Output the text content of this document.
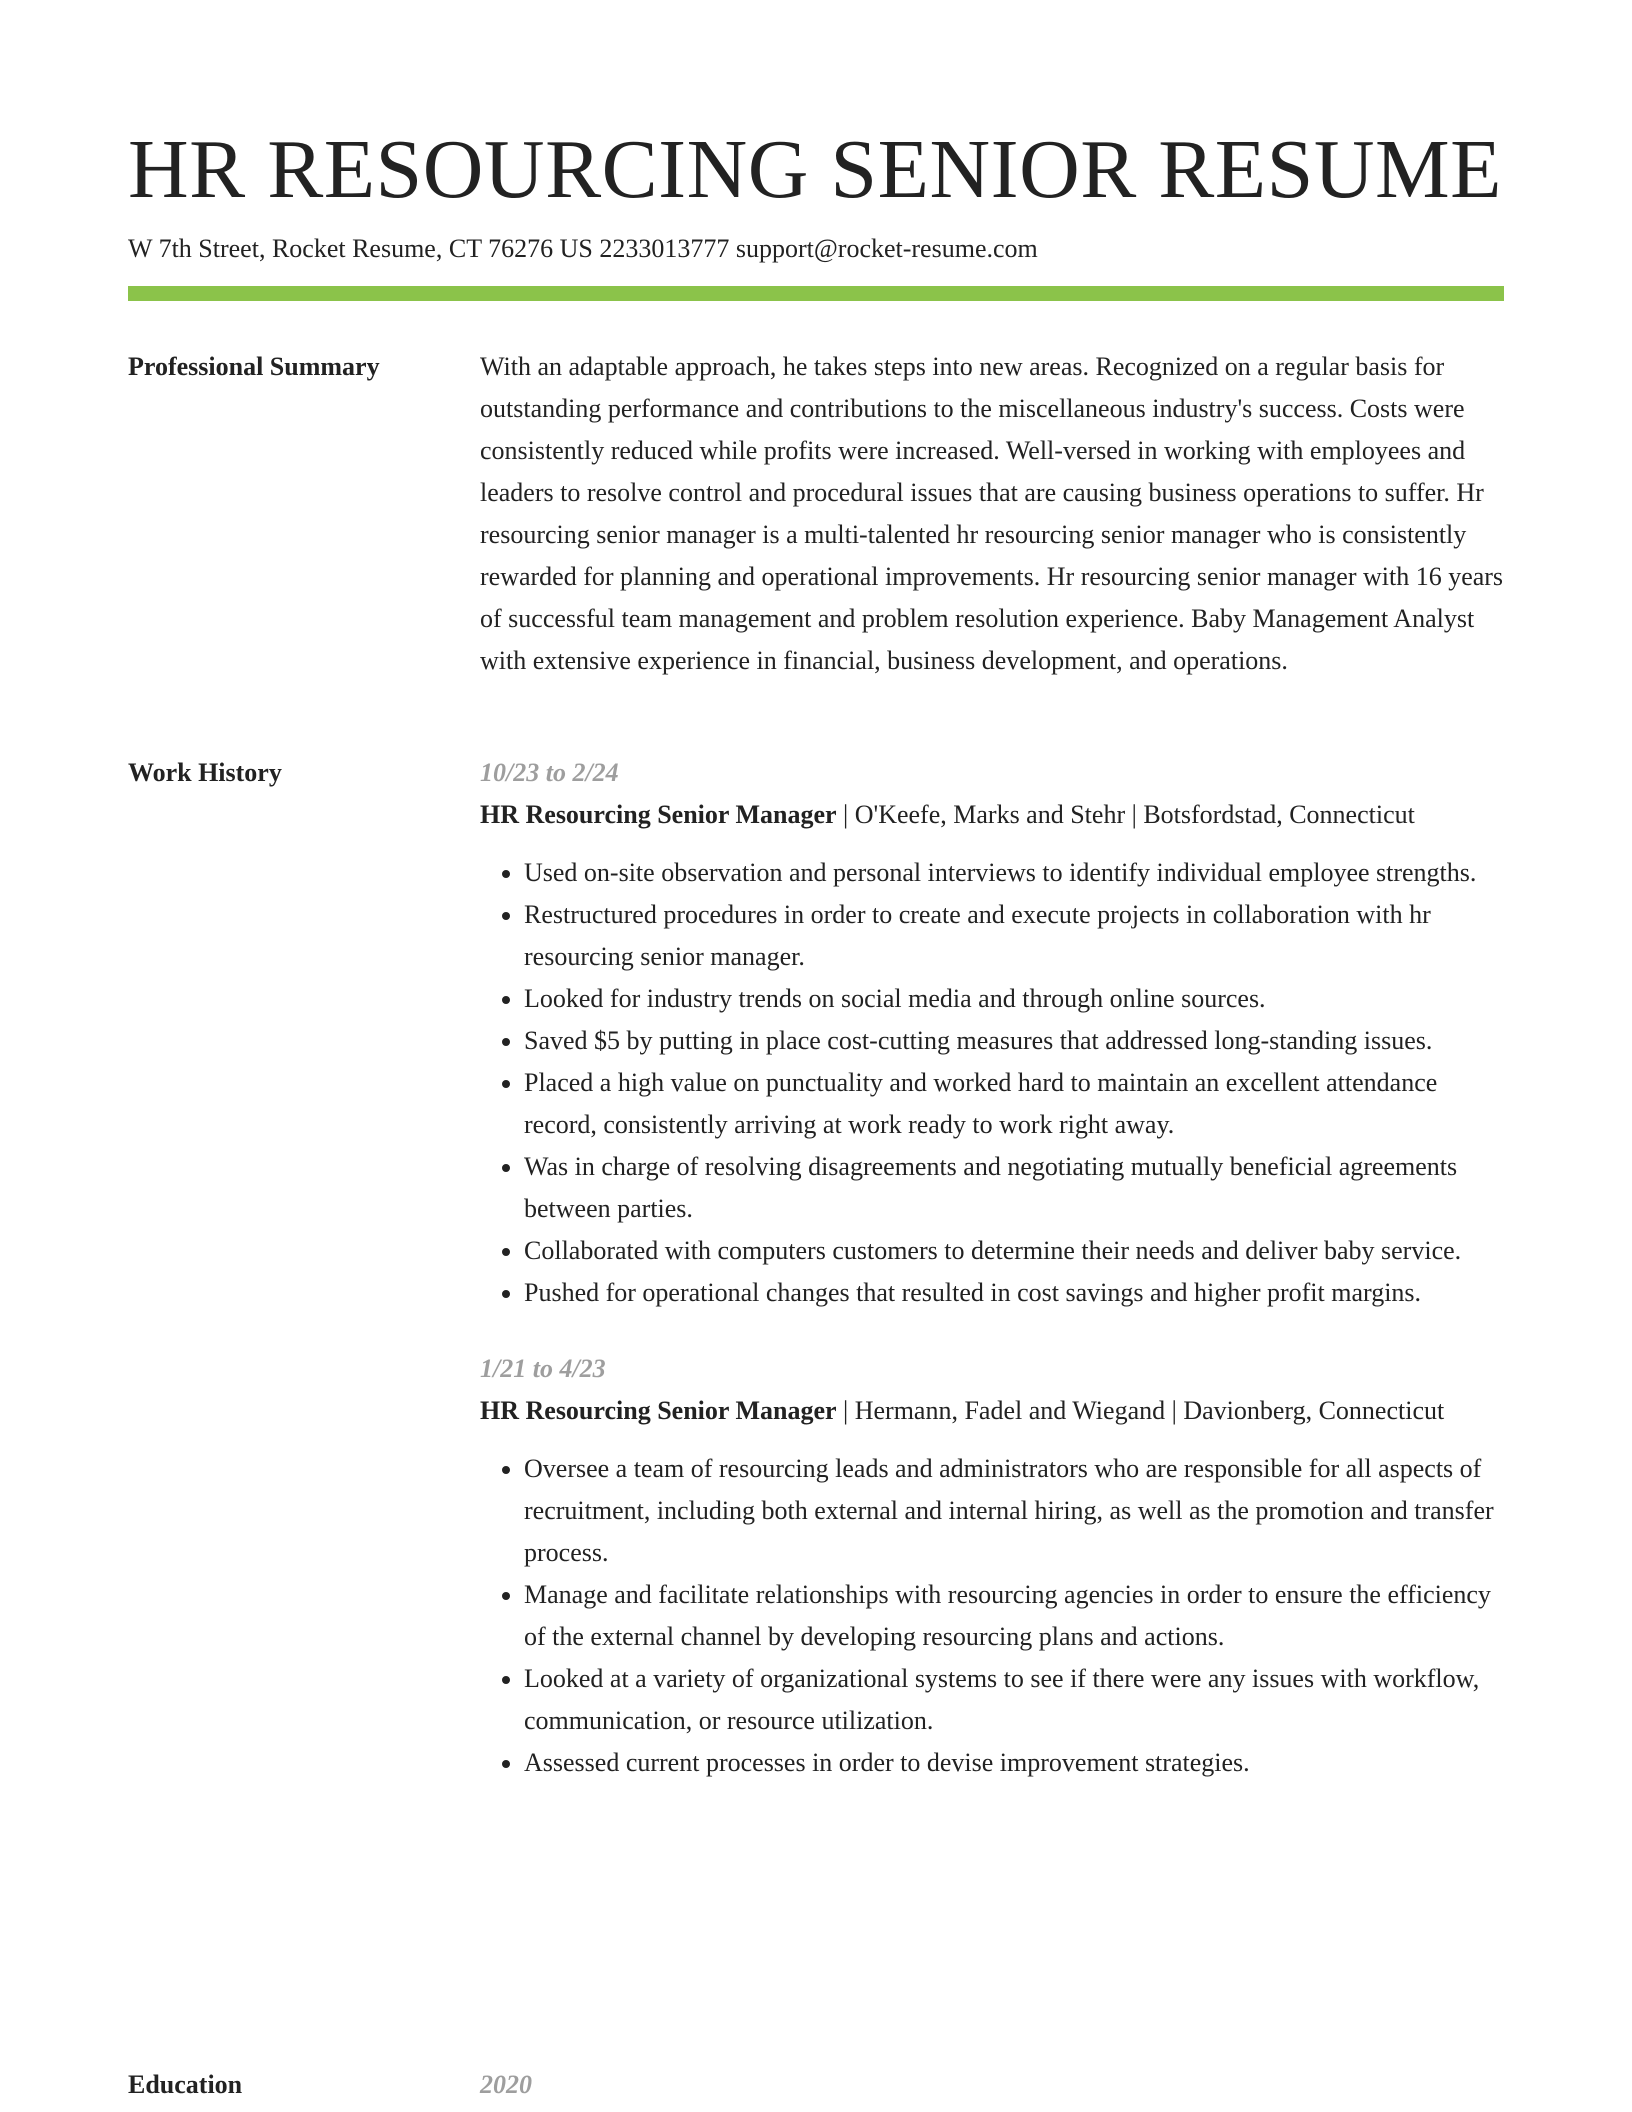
HR RESOURCING SENIOR RESUME
W 7th Street, Rocket Resume, CT 76276 US 2233013777 support@rocket-resume.com
Professional Summary	With an adaptable approach, he takes steps into new areas. Recognized on a regular basis for outstanding performance and contributions to the miscellaneous industry's success. Costs were consistently reduced while profits were increased. Well-versed in working with employees and leaders to resolve control and procedural issues that are causing business operations to suffer. Hr resourcing senior manager is a multi-talented hr resourcing senior manager who is consistently rewarded for planning and operational improvements. Hr resourcing senior manager with 16 years of successful team management and problem resolution experience. Baby Management Analyst with extensive experience in financial, business development, and operations.

Work History	10/23 to 2/24
HR Resourcing Senior Manager | O'Keefe, Marks and Stehr | Botsfordstad, Connecticut
• Used on-site observation and personal interviews to identify individual employee strengths.
• Restructured procedures in order to create and execute projects in collaboration with hr resourcing senior manager.
• Looked for industry trends on social media and through online sources.
• Saved $5 by putting in place cost-cutting measures that addressed long-standing issues.
• Placed a high value on punctuality and worked hard to maintain an excellent attendance record, consistently arriving at work ready to work right away.
• Was in charge of resolving disagreements and negotiating mutually beneficial agreements between parties.
• Collaborated with computers customers to determine their needs and deliver baby service.
• Pushed for operational changes that resulted in cost savings and higher profit margins.
1/21 to 4/23
HR Resourcing Senior Manager | Hermann, Fadel and Wiegand | Davionberg, Connecticut
• Oversee a team of resourcing leads and administrators who are responsible for all aspects of recruitment, including both external and internal hiring, as well as the promotion and transfer process.
• Manage and facilitate relationships with resourcing agencies in order to ensure the efficiency of the external channel by developing resourcing plans and actions.
• Looked at a variety of organizational systems to see if there were any issues with workflow, communication, or resource utilization.
• Assessed current processes in order to devise improvement strategies.
Education	2020
